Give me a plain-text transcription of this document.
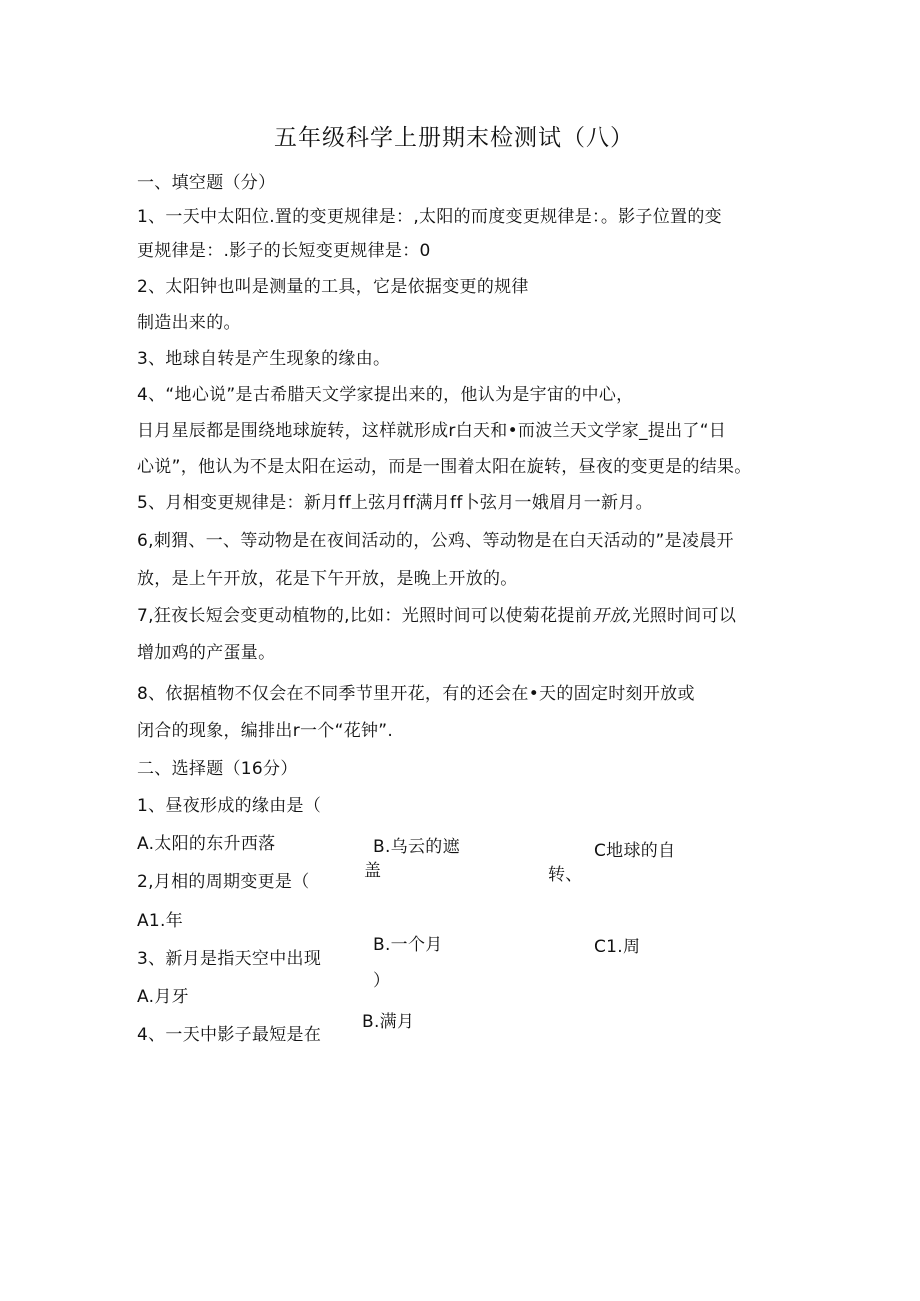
五年级科学上册期末检测试（八）
一、填空题（分）
1、一天中太阳位.置的变更规律是：,太阳的而度变更规律是：。影子位置的变
更规律是：.影子的长短变更规律是：0
2、太阳钟也叫是测量的工具，它是依据变更的规律
制造出来的。
3、地球自转是产生现象的缘由。
4、“地心说”是古希腊天文学家提出来的，他认为是宇宙的中心，
日月星辰都是围绕地球旋转，这样就形成r白天和•而波兰天文学家_提出了“日
心说”，他认为不是太阳在运动，而是一围着太阳在旋转，昼夜的变更是的结果。
5、月相变更规律是：新月ff上弦月ff满月ff卜弦月一娥眉月一新月。
6,刺猬、一、等动物是在夜间活动的，公鸡、等动物是在白天活动的”是凌晨开
放，是上午开放，花是下午开放，是晚上开放的。
7,狂夜长短会变更动植物的,比如：光照时间可以使菊花提前开放,光照时间可以
增加鸡的产蛋量。
8、依据植物不仅会在不同季节里开花，有的还会在•天的固定时刻开放或
闭合的现象，编排出r一个“花钟”.
二、选择题（16分）
1、昼夜形成的缘由是（
A.太阳的东升西落	B.乌云的遮
盖
C地球的自
转、
2,月相的周期变更是（
A1.年
B.一个月	C1.周
3、新月是指天空中出现
）
A.月牙
B.满月
4、一天中影子最短是在
